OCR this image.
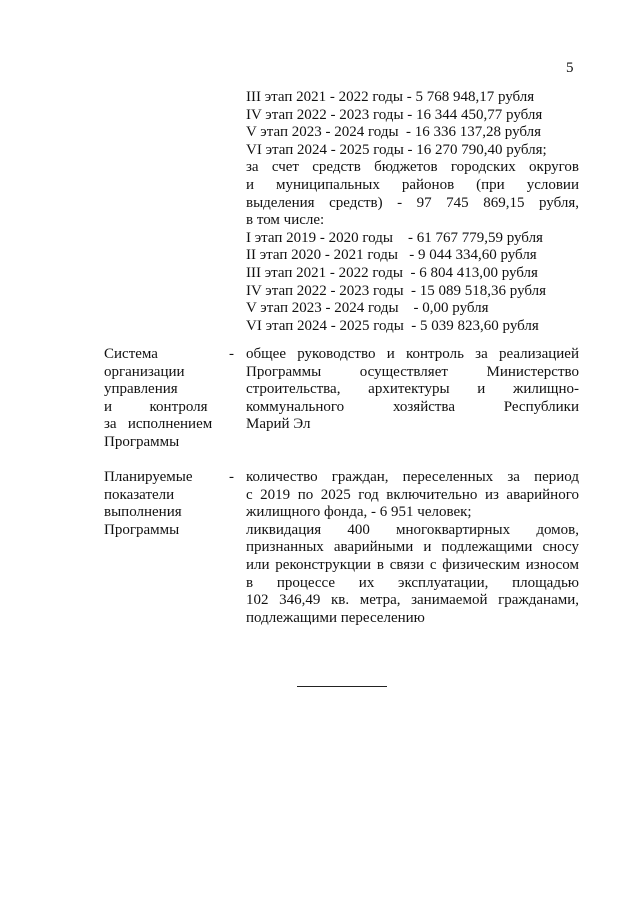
5
III этап 2021 - 2022 годы - 5 768 948,17 рубля
IV этап 2022 - 2023 годы - 16 344 450,77 рубля
V этап 2023 - 2024 годы  - 16 336 137,28 рубля
VI этап 2024 - 2025 годы - 16 270 790,40 рубля;
за счет средств бюджетов городских округов
и муниципальных районов (при условии
выделения средств) - 97 745 869,15 рубля,
в том числе:
I этап 2019 - 2020 годы    - 61 767 779,59 рубля
II этап 2020 - 2021 годы   - 9 044 334,60 рубля
III этап 2021 - 2022 годы  - 6 804 413,00 рубля
IV этап 2022 - 2023 годы  - 15 089 518,36 рубля
V этап 2023 - 2024 годы    - 0,00 рубля
VI этап 2024 - 2025 годы  - 5 039 823,60 рубля
Система
организации
управления
и          контроля
за   исполнением
Программы
- общее руководство и контроль за реализацией
Программы осуществляет Министерство
строительства, архитектуры и жилищно-
коммунального хозяйства Республики
Марий Эл
Планируемые
показатели
выполнения
Программы
- количество граждан, переселенных за период
с 2019 по 2025 год включительно из аварийного
жилищного фонда, - 6 951 человек;
ликвидация 400 многоквартирных домов,
признанных аварийными и подлежащими сносу
или реконструкции в связи с физическим износом
в процессе их эксплуатации, площадью
102 346,49 кв. метра, занимаемой гражданами,
подлежащими переселению
